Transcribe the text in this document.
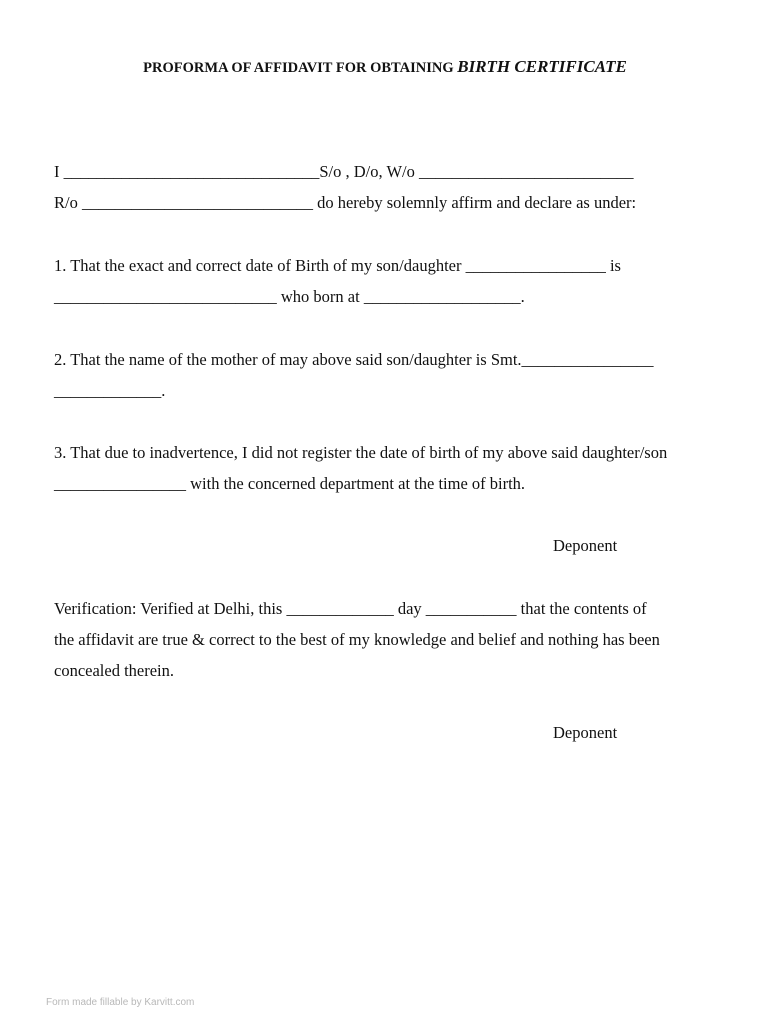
PROFORMA OF AFFIDAVIT FOR OBTAINING BIRTH CERTIFICATE
I _______________________________S/o , D/o, W/o __________________________
R/o ____________________________ do hereby solemnly affirm and declare as under:
1. That the exact and correct date of Birth of my son/daughter _________________ is
___________________________ who born at ___________________.
2. That the name of the mother of may above said son/daughter is Smt.________________
_____________.
3. That due to inadvertence, I did not register the date of birth of my above said daughter/son
________________ with the concerned department at the time of birth.
Deponent
Verification: Verified at Delhi, this _____________ day ___________ that the contents of
the affidavit are true & correct to the best of my knowledge and belief and nothing has been
concealed therein.
Deponent
Form made fillable by Karvitt.com
